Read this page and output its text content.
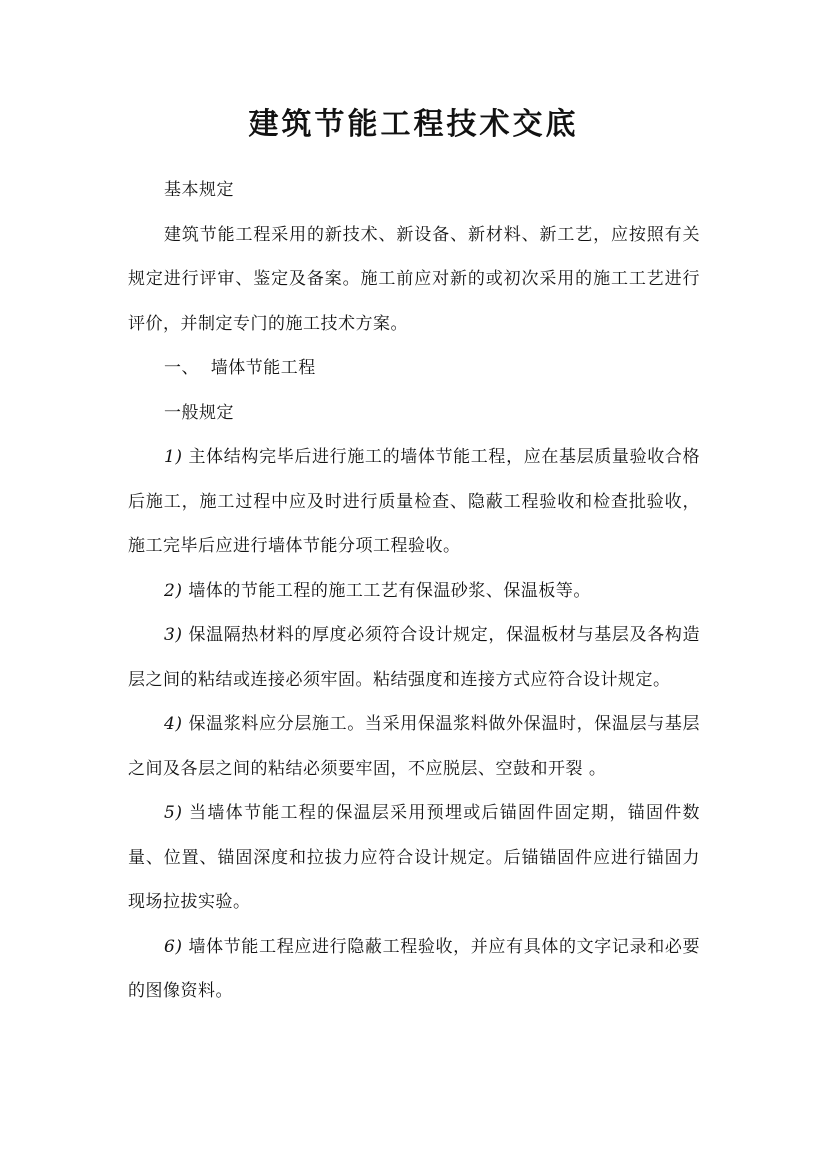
建筑节能工程技术交底

基本规定

建筑节能工程采用的新技术、新设备、新材料、新工艺，应按照有关规定进行评审、鉴定及备案。施工前应对新的或初次采用的施工工艺进行评价，并制定专门的施工技术方案。

一、  墙体节能工程

一般规定

1) 主体结构完毕后进行施工的墙体节能工程，应在基层质量验收合格后施工，施工过程中应及时进行质量检查、隐蔽工程验收和检查批验收，施工完毕后应进行墙体节能分项工程验收。

2) 墙体的节能工程的施工工艺有保温砂浆、保温板等。

3) 保温隔热材料的厚度必须符合设计规定，保温板材与基层及各构造层之间的粘结或连接必须牢固。粘结强度和连接方式应符合设计规定。

4) 保温浆料应分层施工。当采用保温浆料做外保温时，保温层与基层之间及各层之间的粘结必须要牢固，不应脱层、空鼓和开裂 。

5) 当墙体节能工程的保温层采用预埋或后锚固件固定期，锚固件数量、位置、锚固深度和拉拔力应符合设计规定。后锚锚固件应进行锚固力现场拉拔实验。

6) 墙体节能工程应进行隐蔽工程验收，并应有具体的文字记录和必要的图像资料。
